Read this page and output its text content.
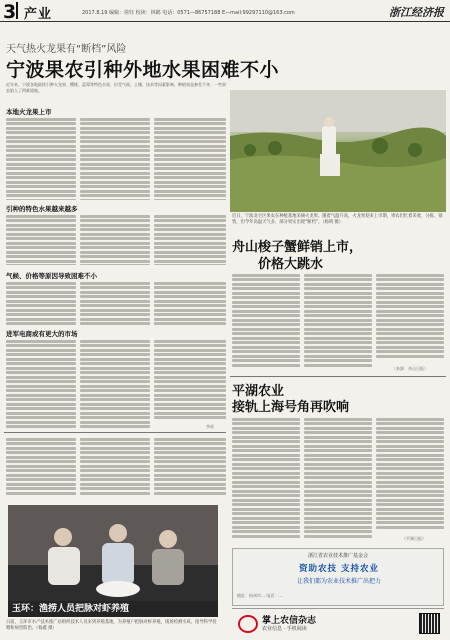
3 产业	2017.8.19 编辑：徐钰 校读：林鹤 电话：0571—86757188 E—mail:99297110@163.com	浙江经济报
天气热火龙果有“断档”风险
宁波果农引种外地水果困难不小

近年来，宁波各地陆续引种火龙果、樱桃、蓝莓等特色水果，但受气候、土壤、技术等因素影响，种植效益参差不齐，一些果农陷入了两难境地。

本地火龙果上市
引种的特色水果越来越多
气候、价格等原因导致困难不小
进军电商或有更大的市场
李星
近日，宁波北仑区果农在种植基地采摘火龙果。随着气温升高，火龙果迎来上市期，果农们忙着采收、分拣、销售，但今年高温天气多，部分果实出现“断档”。（杨明 摄）
舟山梭子蟹鲜销上市，
价格大跳水
（来源：舟山日报）
平湖农业
接轨上海号角再吹响
（平湖日报）
玉环：渔捞人员把脉对虾养殖
日前，玉环市水产技术推广站组织技术人员来到养殖基地，为养殖户把脉对虾养殖，现场检测水质，指导科学投喂和病害防治。（杨鑫 摄）
浙江省农业技术推广基金会
资助农技 支持农业
让我们都为农业技术推广出把力
地址：杭州市… 电话：…
掌上农信杂志
农业信息 · 手机阅读
